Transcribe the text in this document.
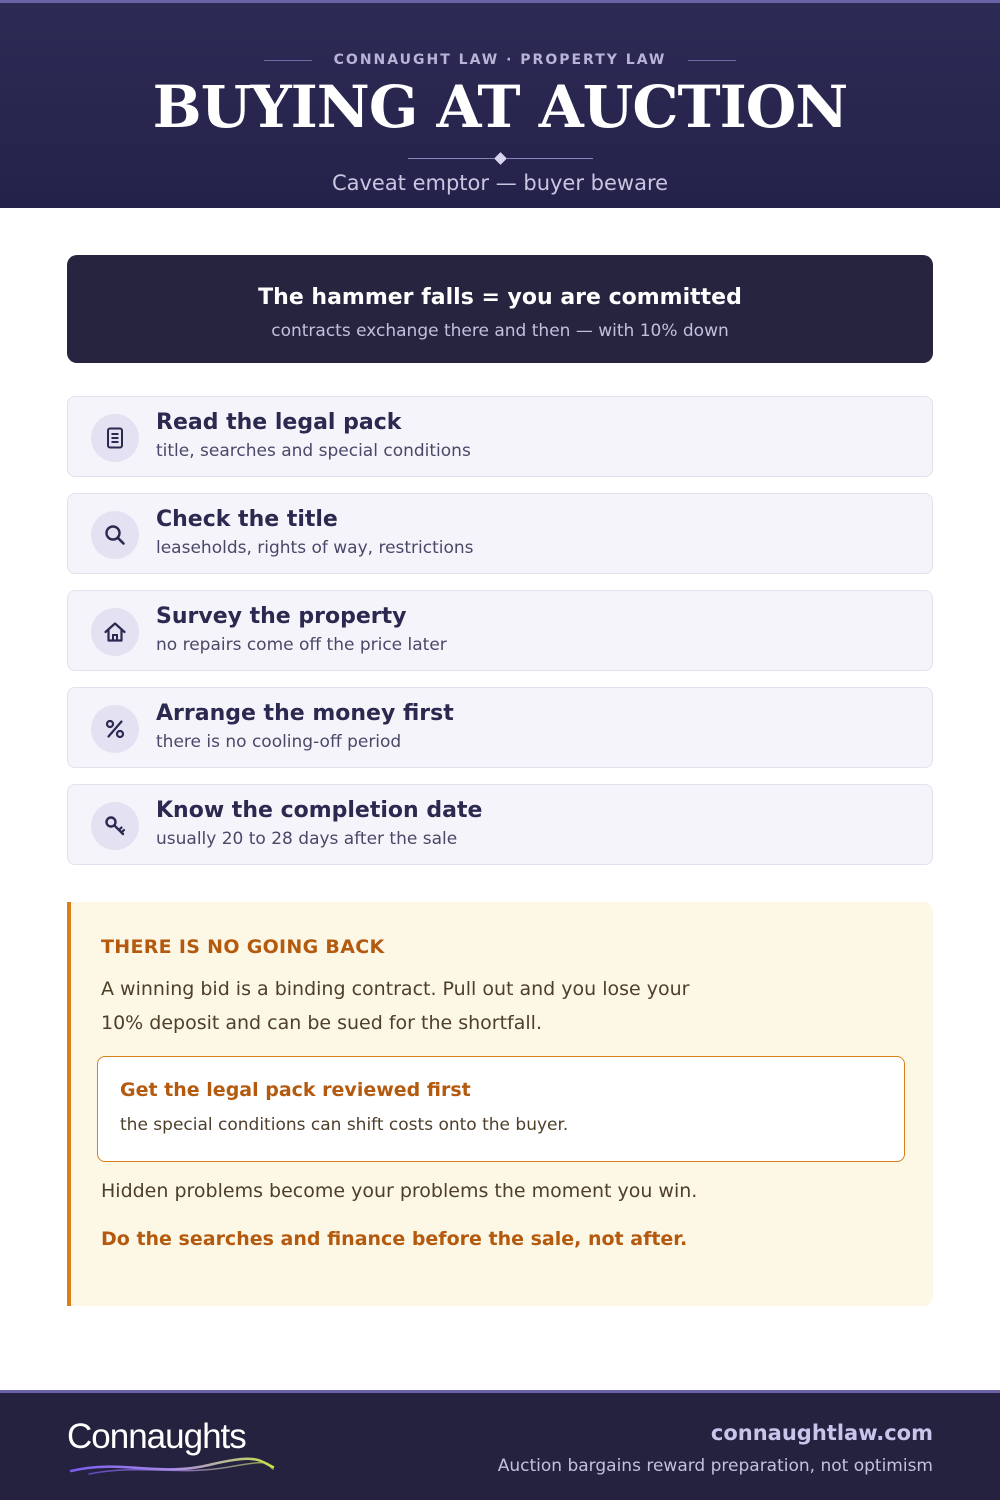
CONNAUGHT LAW · PROPERTY LAW
BUYING AT AUCTION
Caveat emptor — buyer beware
The hammer falls = you are committed
contracts exchange there and then — with 10% down
Read the legal pack
title, searches and special conditions
Check the title
leaseholds, rights of way, restrictions
Survey the property
no repairs come off the price later
Arrange the money first
there is no cooling-off period
Know the completion date
usually 20 to 28 days after the sale
THERE IS NO GOING BACK

A winning bid is a binding contract. Pull out and you lose your 10% deposit and can be sued for the shortfall.

Get the legal pack reviewed first
the special conditions can shift costs onto the buyer.
Hidden problems become your problems the moment you win.
Do the searches and finance before the sale, not after.
Connaughts	connaughtlaw.com
Auction bargains reward preparation, not optimism
